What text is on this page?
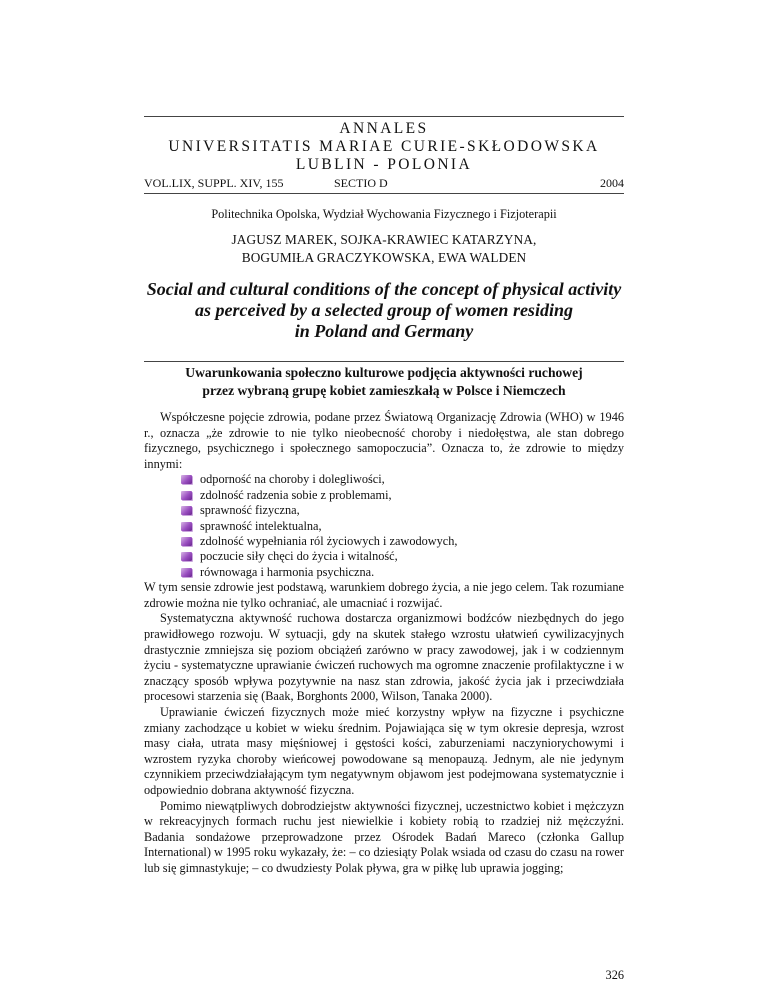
ANNALES
UNIVERSITATIS MARIAE CURIE-SKŁODOWSKA
LUBLIN - POLONIA
VOL.LIX, SUPPL. XIV, 155	SECTIO D	2004
Politechnika Opolska, Wydział Wychowania Fizycznego i Fizjoterapii
JAGUSZ MAREK, SOJKA-KRAWIEC KATARZYNA,
BOGUMIŁA GRACZYKOWSKA, EWA WALDEN
Social and cultural conditions of the concept of physical activity
as perceived by a selected group of women residing
in Poland and Germany
Uwarunkowania społeczno kulturowe podjęcia aktywności ruchowej
przez wybraną grupę kobiet zamieszkałą w Polsce i Niemczech

Współczesne pojęcie zdrowia, podane przez Światową Organizację Zdrowia (WHO) w 1946 r., oznacza „że zdrowie to nie tylko nieobecność choroby i niedołęstwa, ale stan dobrego fizycznego, psychicznego i społecznego samopoczucia”. Oznacza to, że zdrowie to między innymi:

odporność na choroby i dolegliwości,
zdolność radzenia sobie z problemami,
sprawność fizyczna,
sprawność intelektualna,
zdolność wypełniania ról życiowych i zawodowych,
poczucie siły chęci do życia i witalność,
równowaga i harmonia psychiczna.

W tym sensie zdrowie jest podstawą, warunkiem dobrego życia, a nie jego celem. Tak rozumiane zdrowie można nie tylko ochraniać, ale umacniać i rozwijać.

Systematyczna aktywność ruchowa dostarcza organizmowi bodźców niezbędnych do jego prawidłowego rozwoju. W sytuacji, gdy na skutek stałego wzrostu ułatwień cywilizacyjnych drastycznie zmniejsza się poziom obciążeń zarówno w pracy zawodowej, jak i w codziennym życiu - systematyczne uprawianie ćwiczeń ruchowych ma ogromne znaczenie profilaktyczne i w znaczący sposób wpływa pozytywnie na nasz stan zdrowia, jakość życia jak i przeciwdziała procesowi starzenia się (Baak, Borghonts 2000, Wilson, Tanaka 2000).

Uprawianie ćwiczeń fizycznych może mieć korzystny wpływ na fizyczne i psychiczne zmiany zachodzące u kobiet w wieku średnim. Pojawiająca się w tym okresie depresja, wzrost masy ciała, utrata masy mięśniowej i gęstości kości, zaburzeniami naczyniorychowymi i wzrostem ryzyka choroby wieńcowej powodowane są menopauzą. Jednym, ale nie jedynym czynnikiem przeciwdziałającym tym negatywnym objawom jest podejmowana systematycznie i odpowiednio dobrana aktywność fizyczna.

Pomimo niewątpliwych dobrodziejstw aktywności fizycznej, uczestnictwo kobiet i mężczyzn w rekreacyjnych formach ruchu jest niewielkie i kobiety robią to rzadziej niż mężczyźni. Badania sondażowe przeprowadzone przez Ośrodek Badań Mareco (członka Gallup International) w 1995 roku wykazały, że: – co dziesiąty Polak wsiada od czasu do czasu na rower lub się gimnastykuje; – co dwudziesty Polak pływa, gra w piłkę lub uprawia jogging;

326
